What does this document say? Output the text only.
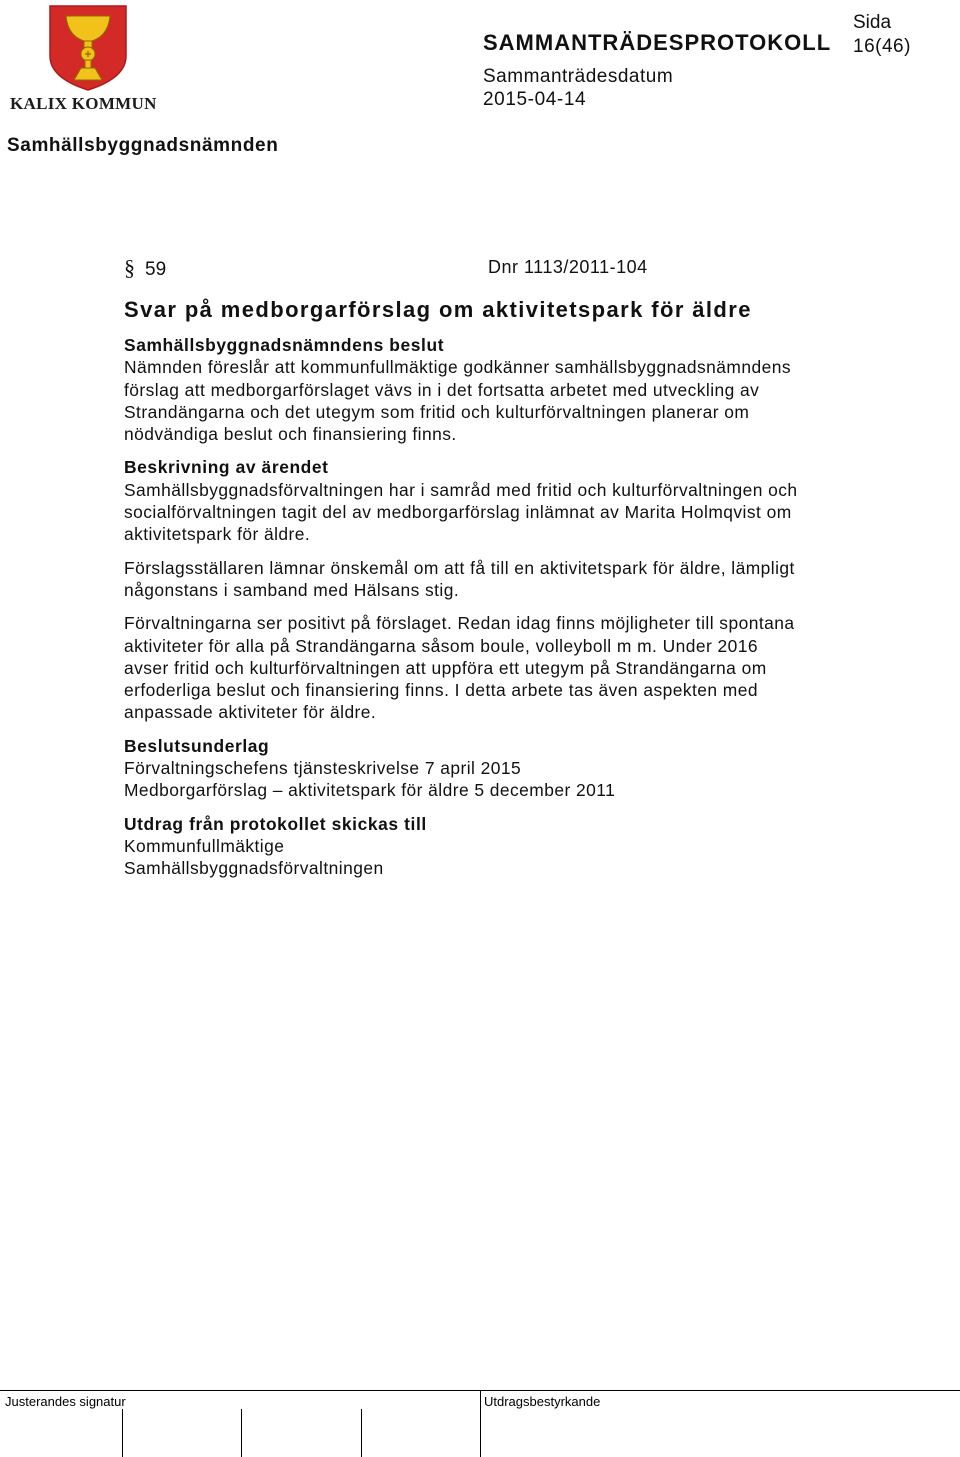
KALIX KOMMUN
SAMMANTRÄDESPROTOKOLL
Sida
16(46)
Sammanträdesdatum
2015-04-14
Samhällsbyggnadsnämnden
§ 59	Dnr 1113/2011-104
Svar på medborgarförslag om aktivitetspark för äldre
Samhällsbyggnadsnämndens beslut

Nämnden föreslår att kommunfullmäktige godkänner samhällsbyggnadsnämndens
förslag att medborgarförslaget vävs in i det fortsatta arbetet med utveckling av
Strandängarna och det utegym som fritid och kulturförvaltningen planerar om
nödvändiga beslut och finansiering finns.

Beskrivning av ärendet

Samhällsbyggnadsförvaltningen har i samråd med fritid och kulturförvaltningen och
socialförvaltningen tagit del av medborgarförslag inlämnat av Marita Holmqvist om
aktivitetspark för äldre.

Förslagsställaren lämnar önskemål om att få till en aktivitetspark för äldre, lämpligt
någonstans i samband med Hälsans stig.

Förvaltningarna ser positivt på förslaget. Redan idag finns möjligheter till spontana
aktiviteter för alla på Strandängarna såsom boule, volleyboll m m. Under 2016
avser fritid och kulturförvaltningen att uppföra ett utegym på Strandängarna om
erfoderliga beslut och finansiering finns. I detta arbete tas även aspekten med
anpassade aktiviteter för äldre.

Beslutsunderlag

Förvaltningschefens tjänsteskrivelse 7 april 2015
Medborgarförslag – aktivitetspark för äldre 5 december 2011

Utdrag från protokollet skickas till

Kommunfullmäktige
Samhällsbyggnadsförvaltningen

Justerandes signatur	Utdragsbestyrkande
